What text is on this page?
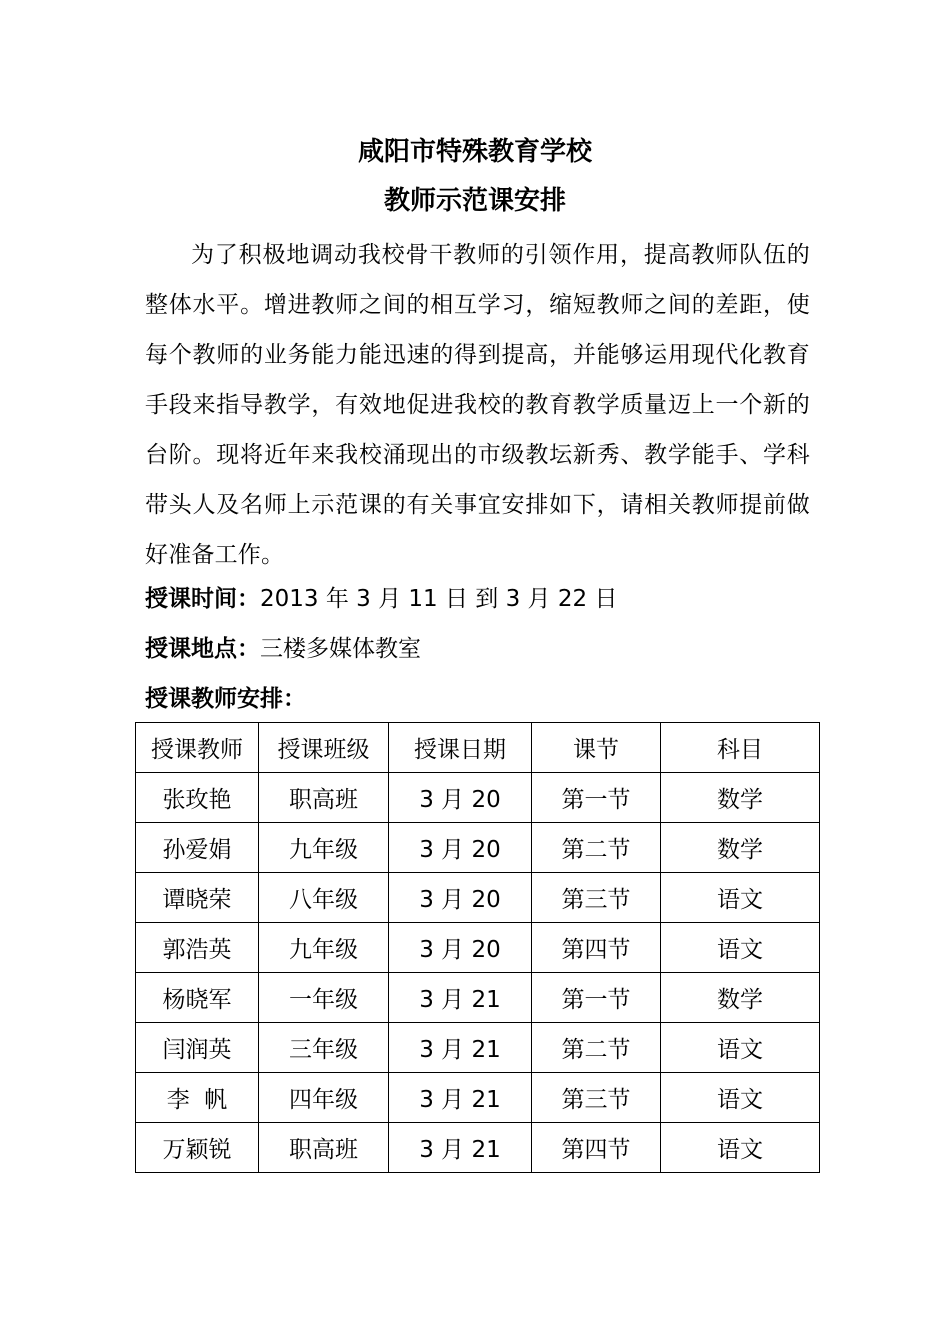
咸阳市特殊教育学校
教师示范课安排

为了积极地调动我校骨干教师的引领作用，提高教师队伍的整体水平。增进教师之间的相互学习，缩短教师之间的差距，使每个教师的业务能力能迅速的得到提高，并能够运用现代化教育手段来指导教学，有效地促进我校的教育教学质量迈上一个新的台阶。现将近年来我校涌现出的市级教坛新秀、教学能手、学科带头人及名师上示范课的有关事宜安排如下，请相关教师提前做好准备工作。

授课时间：2013 年 3 月 11 日 到 3 月 22 日

授课地点：三楼多媒体教室

授课教师安排：

授课教师	授课班级	授课日期	课节	科目
张玫艳	职高班	3 月 20	第一节	数学
孙爱娟	九年级	3 月 20	第二节	数学
谭晓荣	八年级	3 月 20	第三节	语文
郭浩英	九年级	3 月 20	第四节	语文
杨晓军	一年级	3 月 21	第一节	数学
闫润英	三年级	3 月 21	第二节	语文
李  帆	四年级	3 月 21	第三节	语文
万颖锐	职高班	3 月 21	第四节	语文
